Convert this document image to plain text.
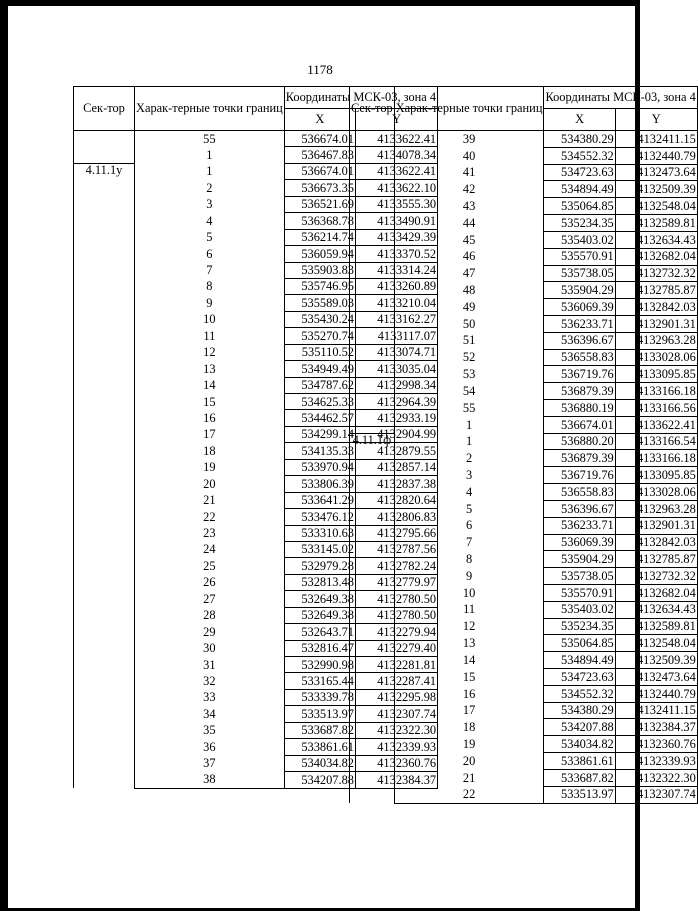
1178
Сек-тор	Харак-терные точки границ	Координаты МСК-03, зона 4	
		X	Y
	55	536674.01	4133622.41
	1	536467.83	4134078.34
4.11.1у	1	536674.01	4133622.41
	2	536673.35	4133622.10
	3	536521.69	4133555.30
	4	536368.78	4133490.91
	5	536214.74	4133429.39
	6	536059.94	4133370.52
	7	535903.83	4133314.24
	8	535746.95	4133260.89
	9	535589.03	4133210.04
	10	535430.24	4133162.27
	11	535270.74	4133117.07
	12	535110.52	4133074.71
	13	534949.49	4133035.04
	14	534787.62	4132998.34
	15	534625.33	4132964.39
	16	534462.57	4132933.19
	17	534299.14	4132904.99
	18	534135.33	4132879.55
	19	533970.94	4132857.14
	20	533806.39	4132837.38
	21	533641.29	4132820.64
	22	533476.12	4132806.83
	23	533310.63	4132795.66
	24	533145.02	4132787.56
	25	532979.28	4132782.24
	26	532813.48	4132779.97
	27	532649.38	4132780.50
	28	532649.38	4132780.50
	29	532643.71	4132279.94
	30	532816.47	4132279.40
	31	532990.98	4132281.81
	32	533165.44	4132287.41
	33	533339.78	4132295.98
	34	533513.97	4132307.74
	35	533687.82	4132322.30
	36	533861.61	4132339.93
	37	534034.82	4132360.76
	38	534207.88	4132384.37
Сек-тор	Харак-терные точки границ	Координаты МСК-03, зона 4	
		X	Y
	39	534380.29	4132411.15
	40	534552.32	4132440.79
	41	534723.63	4132473.64
	42	534894.49	4132509.39
	43	535064.85	4132548.04
	44	535234.35	4132589.81
	45	535403.02	4132634.43
	46	535570.91	4132682.04
	47	535738.05	4132732.32
	48	535904.29	4132785.87
	49	536069.39	4132842.03
	50	536233.71	4132901.31
	51	536396.67	4132963.28
	52	536558.83	4133028.06
	53	536719.76	4133095.85
	54	536879.39	4133166.18
	55	536880.19	4133166.56
	1	536674.01	4133622.41
4.11.1ф	1	536880.20	4133166.54
	2	536879.39	4133166.18
	3	536719.76	4133095.85
	4	536558.83	4133028.06
	5	536396.67	4132963.28
	6	536233.71	4132901.31
	7	536069.39	4132842.03
	8	535904.29	4132785.87
	9	535738.05	4132732.32
	10	535570.91	4132682.04
	11	535403.02	4132634.43
	12	535234.35	4132589.81
	13	535064.85	4132548.04
	14	534894.49	4132509.39
	15	534723.63	4132473.64
	16	534552.32	4132440.79
	17	534380.29	4132411.15
	18	534207.88	4132384.37
	19	534034.82	4132360.76
	20	533861.61	4132339.93
	21	533687.82	4132322.30
	22	533513.97	4132307.74
